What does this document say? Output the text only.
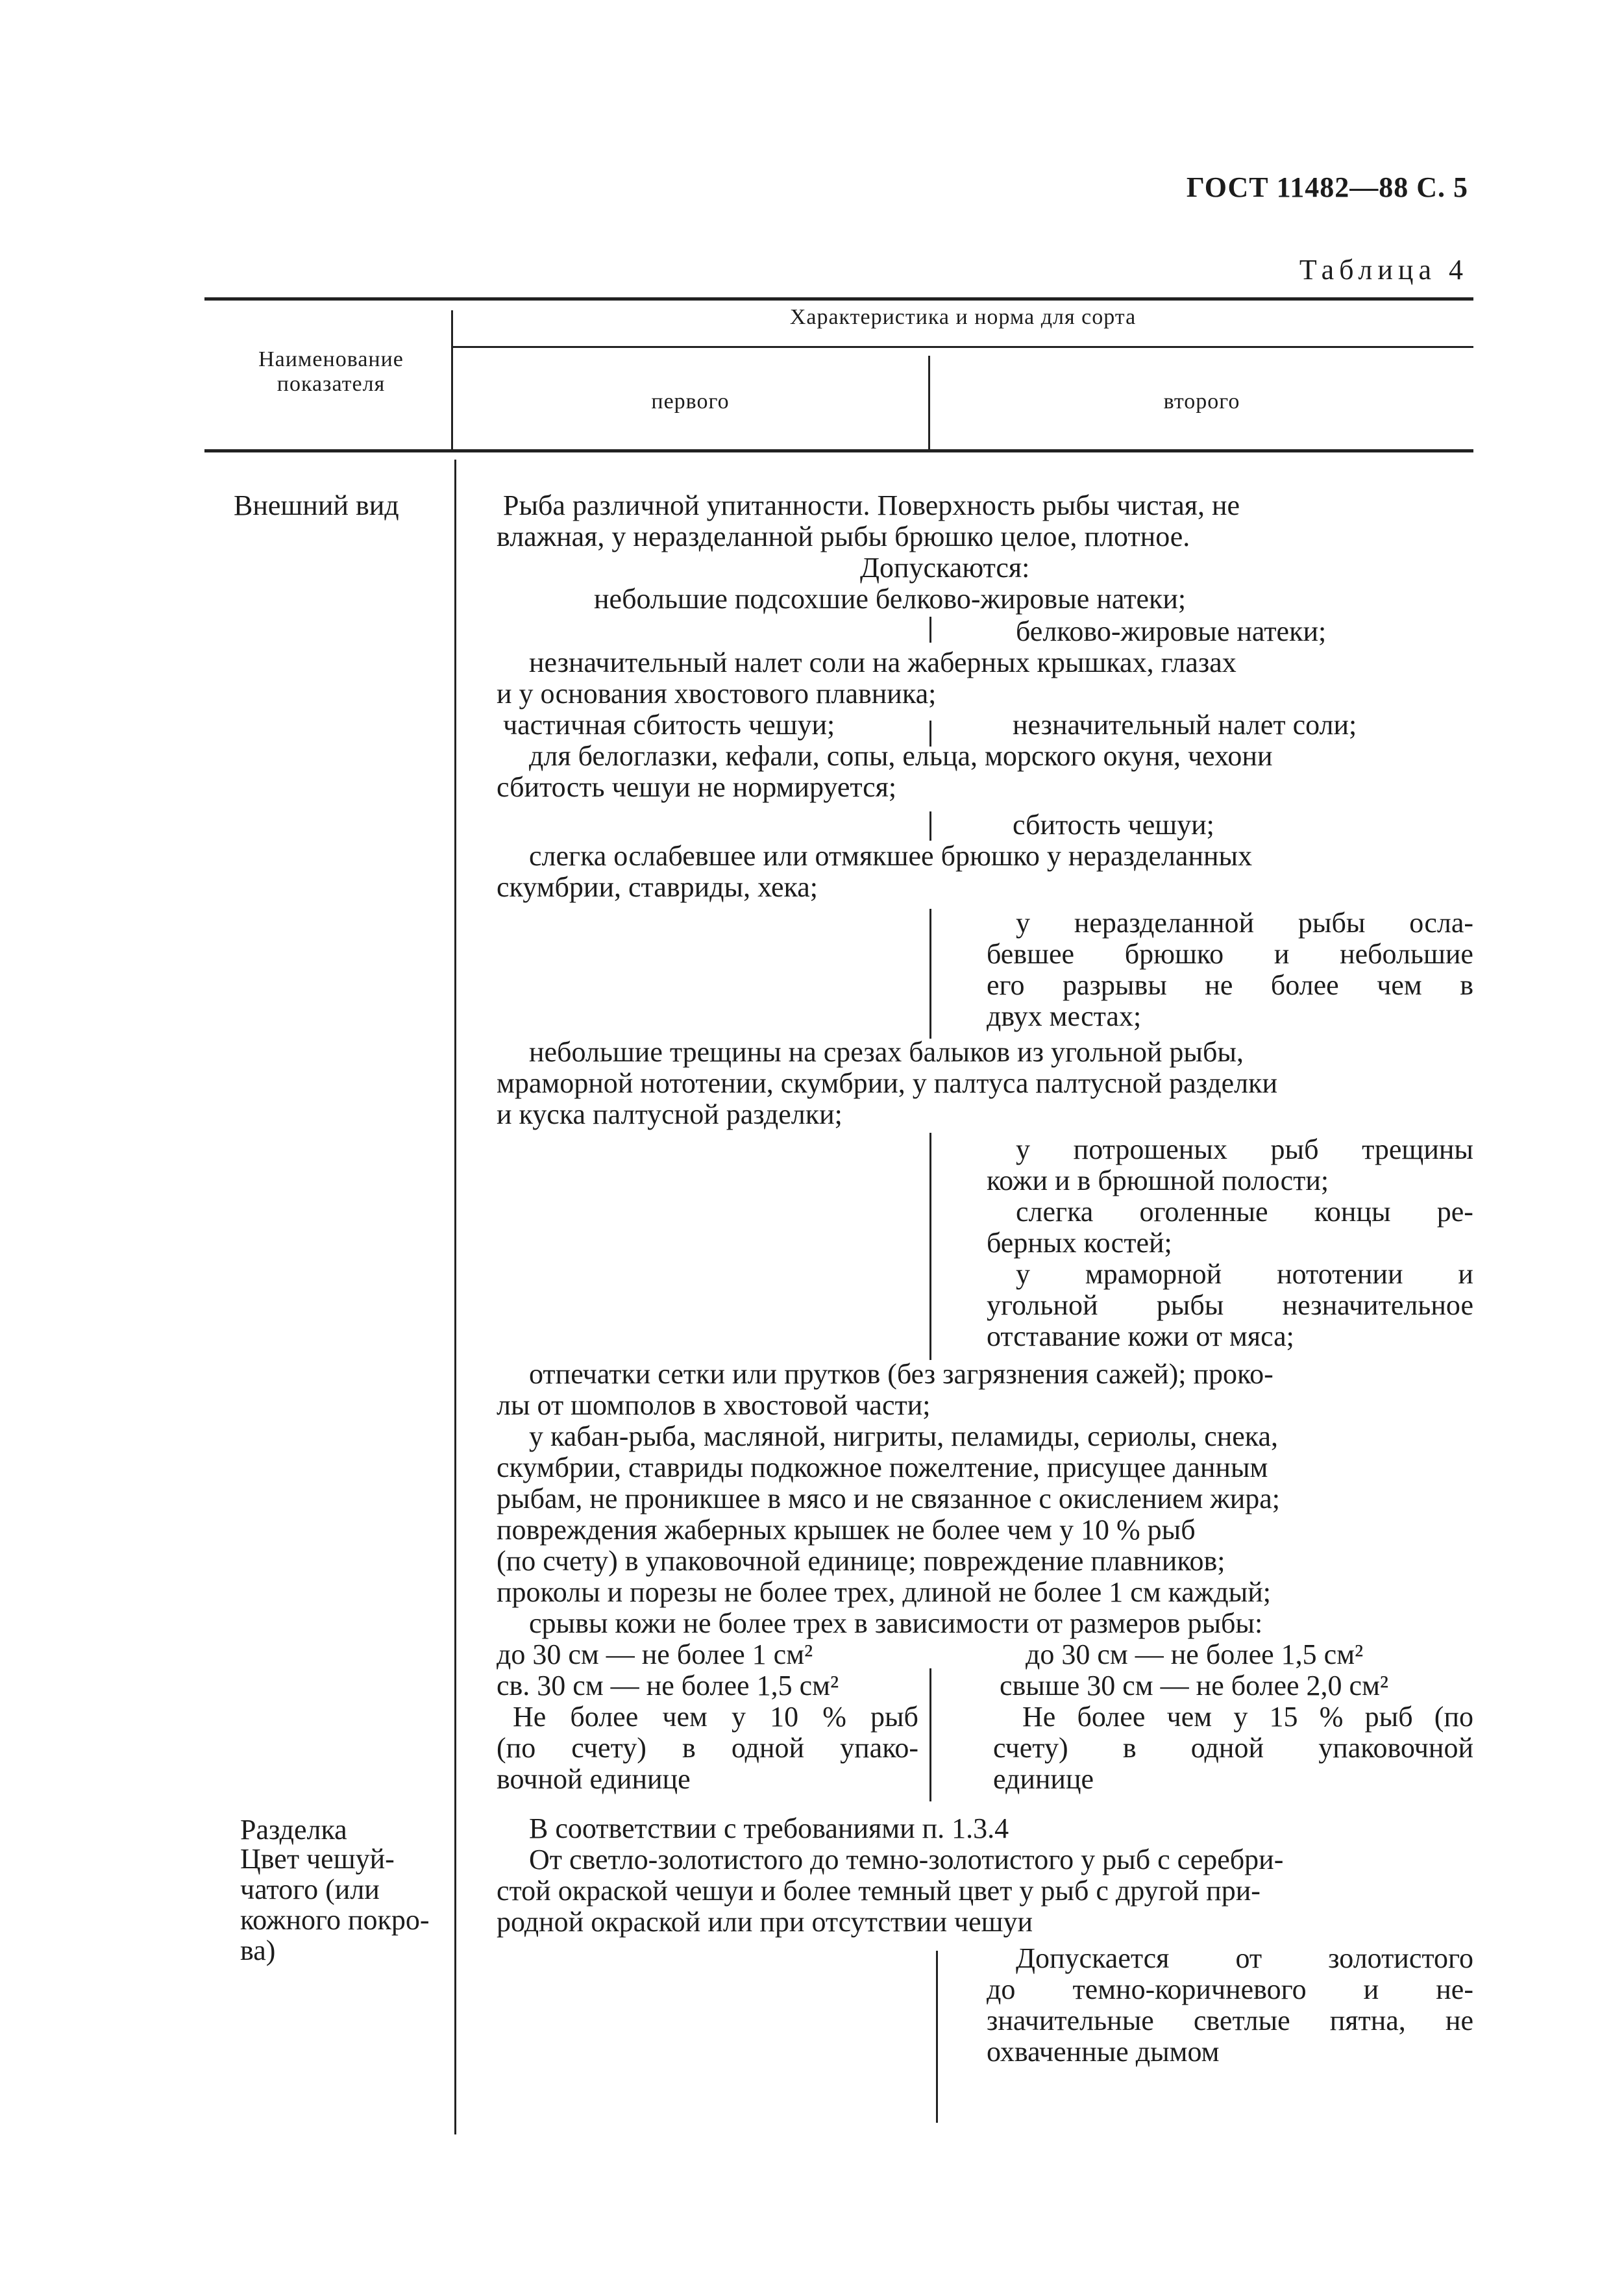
ГОСТ 11482—88 С. 5
Таблица 4
Наименование
показателя
Характеристика и норма для сорта
первого	второго
Внешний вид
Разделка
Цвет чешуй-
чатого (или
кожного покро-
ва)
Рыба различной упитанности. Поверхность рыбы чистая, не
влажная, у неразделанной рыбы брюшко целое, плотное.
Допускаются:
небольшие подсохшие белково-жировые натеки;
белково-жировые натеки;
незначительный налет соли на жаберных крышках, глазах
и у основания хвостового плавника;
частичная сбитость чешуи;	незначительный налет соли;
для белоглазки, кефали, сопы, ельца, морского окуня, чехони
сбитость чешуи не нормируется;
сбитость чешуи;
слегка ослабевшее или отмякшее брюшко у неразделанных
скумбрии, ставриды, хека;
у неразделанной рыбы осла-
бевшее брюшко и небольшие
его разрывы не более чем в
двух местах;
небольшие трещины на срезах балыков из угольной рыбы,
мраморной нототении, скумбрии, у палтуса палтусной разделки
и куска палтусной разделки;
у потрошеных рыб трещины
кожи и в брюшной полости;
слегка оголенные концы ре-
берных костей;
у мраморной нототении и
угольной рыбы незначительное
отставание кожи от мяса;
отпечатки сетки или прутков (без загрязнения сажей); проко-
лы от шомполов в хвостовой части;
у кабан-рыба, масляной, нигриты, пеламиды, сериолы, снека,
скумбрии, ставриды подкожное пожелтение, присущее данным
рыбам, не проникшее в мясо и не связанное с окислением жира;
повреждения жаберных крышек не более чем у 10 % рыб
(по счету) в упаковочной единице; повреждение плавников;
проколы и порезы не более трех, длиной не более 1 см каждый;
срывы кожи не более трех в зависимости от размеров рыбы:
до 30 см — не более 1 см²
св. 30 см — не более 1,5 см²
Не более чем у 10 % рыб
(по счету) в одной упако-
вочной единице
до 30 см — не более 1,5 см²
свыше 30 см — не более 2,0 см²
Не более чем у 15 % рыб (по
счету) в одной упаковочной
единице
В соответствии с требованиями п. 1.3.4
От светло-золотистого до темно-золотистого у рыб с серебри-
стой окраской чешуи и более темный цвет у рыб с другой при-
родной окраской или при отсутствии чешуи
Допускается от золотистого
до темно-коричневого и не-
значительные светлые пятна, не
охваченные дымом
